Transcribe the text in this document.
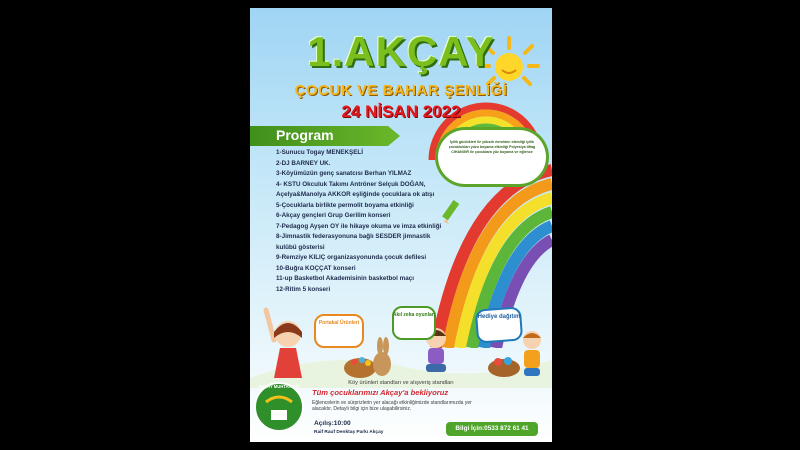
İyilik günlükleri ile yüksek ıtenriden etkinliği iyilik çocuklukları yüzu boyama etkinliği Polyesiya tiflag CIHANGIR ile çocuklara yüz boyama ve eğlence
1.AKÇAY
ÇOCUK VE BAHAR ŞENLİĞİ
24 NİSAN 2022
Program
1-Sunucu Togay MENEKŞELİ
2-DJ BARNEY UK.
3-Köyümüzün genç sanatcısı Berhan YILMAZ
4- KSTU Okculuk Takımı Antröner Selçuk DOĞAN,
Açelya&Manolya AKKOR eşliğinde çocuklara ok atışı
5-Çocuklarla birlikte permolit boyama etkinliği
6-Akçay gençleri Grup Gerilim konseri
7-Pedagog Ayşen OY ile hikaye okuma ve imza etkinliği
8-Jimnastik federasyonuna bağlı SESDER jimnastik
kulübü gösterisi
9-Remziye KILIÇ organizasyonunda çocuk defilesi
10-Buğra KOÇÇAT konseri
11-up Basketbol Akademisinin basketbol maçı
12-Ritim 5 konseri
Portakal Ürünleri
Akıl zeka oyunları	Hediye dağıtım
AKÇAY MUHTARLIĞI
Köy ürünleri standları ve alışveriş standları
Tüm çocuklarımızı Akçay'a bekliyoruz
Eğlencelerin ve sürprizlerin yer alacağı etkinliğimizde standlarımızda yer alacaktır. Detaylı bilgi için bize ulaşabilirsiniz.
Açılış:10:00
Raif Rauf Denktaş Parkı Akçay
Bilgi İçin:0533 872 61 41
